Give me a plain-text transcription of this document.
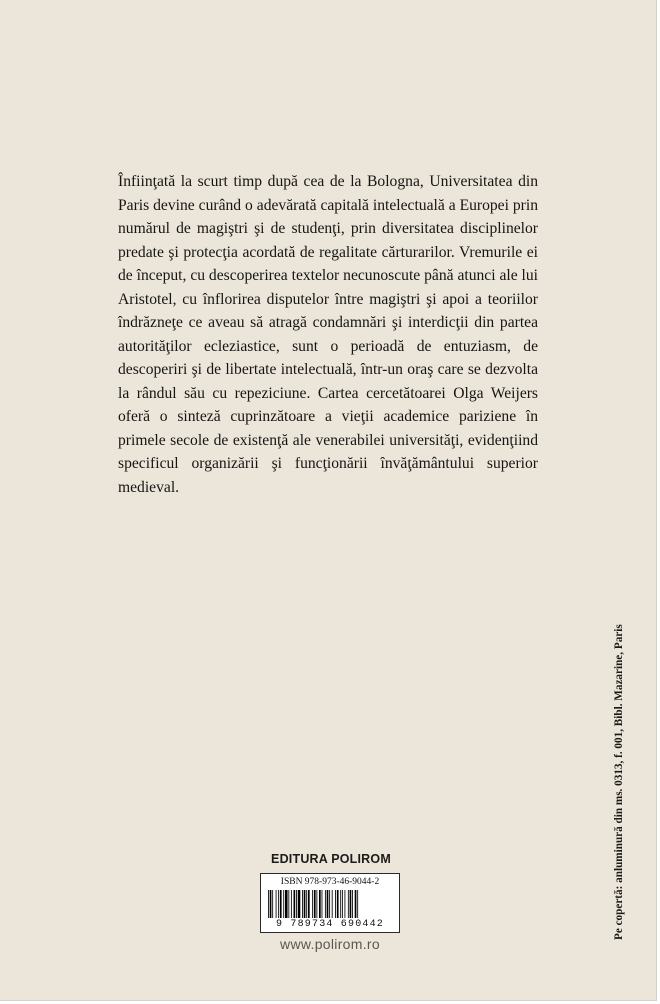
Înfiinţată la scurt timp după cea de la Bologna, Universitatea din Paris devine curând o adevărată capitală intelectuală a Europei prin numărul de magiştri şi de studenţi, prin diversitatea disciplinelor predate şi protecţia acordată de regalitate cărturarilor. Vremurile ei de început, cu descoperirea textelor necunoscute până atunci ale lui Aristotel, cu înflorirea disputelor între magiştri şi apoi a teoriilor îndrăzneţe ce aveau să atragă condamnări şi interdicţii din partea autorităţilor ecleziastice, sunt o perioadă de entuziasm, de descoperiri şi de libertate intelectuală, într-un oraş care se dezvolta la rândul său cu repeziciune. Cartea cercetătoarei Olga Weijers oferă o sinteză cuprinzătoare a vieţii academice pariziene în primele secole de existenţă ale venerabilei universităţi, evidenţiind specificul organizării şi funcţionării învăţământului superior medieval.

EDITURA POLIROM
ISBN 978-973-46-9044-2
9 789734 690442
www.polirom.ro
Pe copertă: anluminură din ms. 0313, f. 001, Bibl. Mazarine, Paris
